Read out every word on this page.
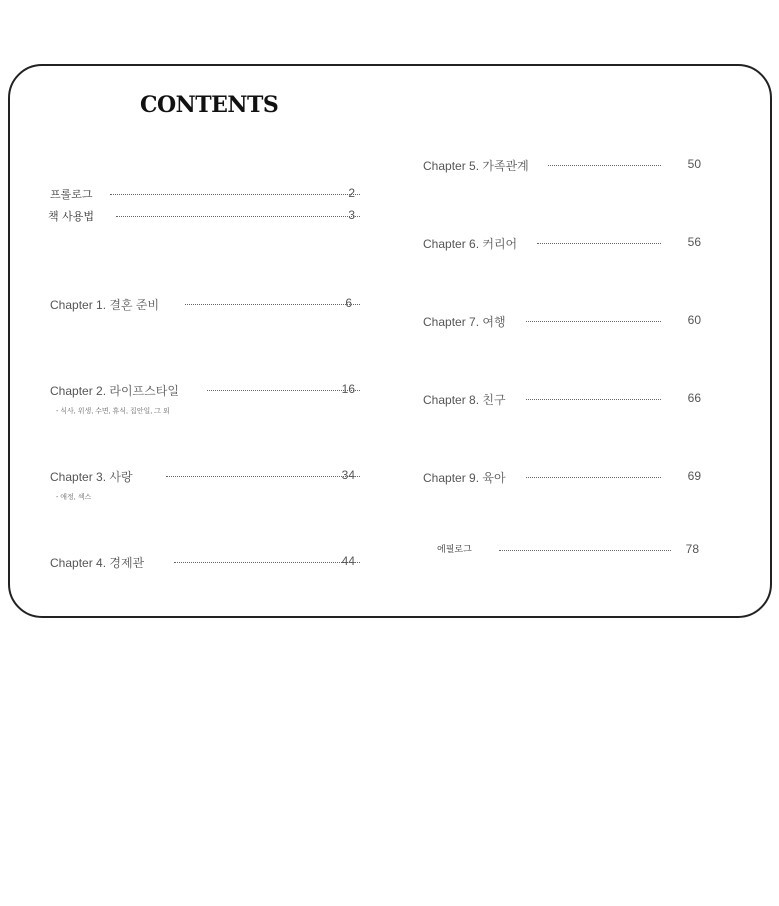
CONTENTS
프롤로그	2
책 사용법	3
Chapter 1. 결혼 준비	6
Chapter 2. 라이프스타일	16
- 식사, 위생, 수면, 휴식, 집안일, 그 외
Chapter 3. 사랑	34
- 애정, 섹스
Chapter 4. 경제관	44
Chapter 5. 가족관계	50
Chapter 6. 커리어	56
Chapter 7. 여행	60
Chapter 8. 친구	66
Chapter 9. 육아	69
에필로그	78
